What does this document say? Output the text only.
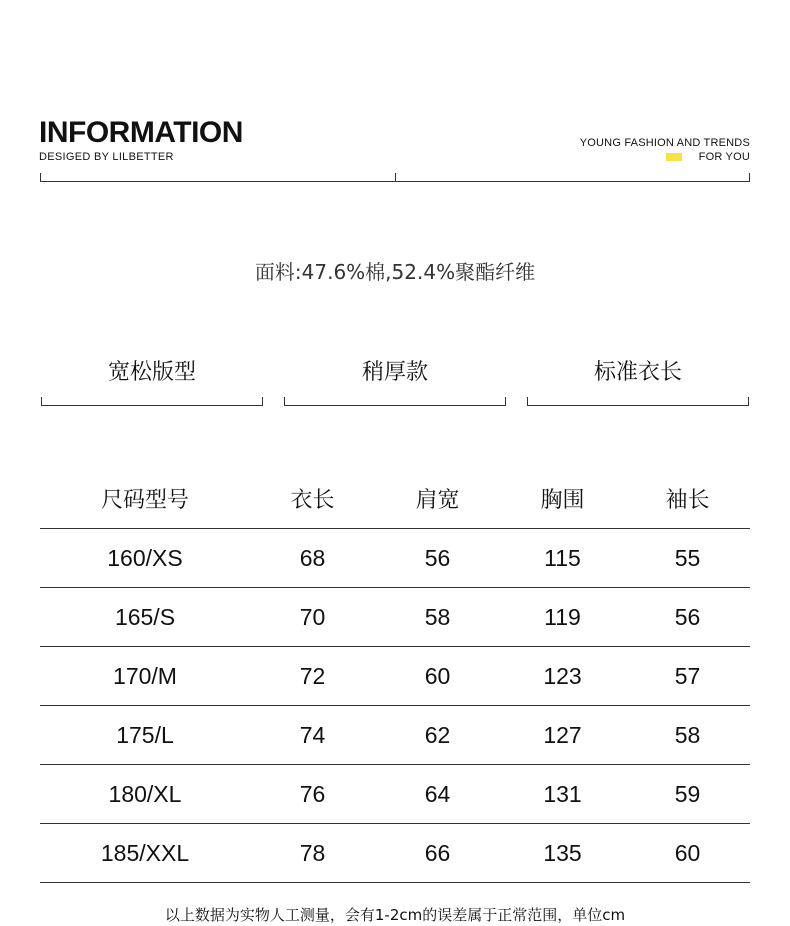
INFORMATION
DESIGED BY LILBETTER
YOUNG FASHION AND TRENDS
FOR YOU
面料:47.6%棉,52.4%聚酯纤维
宽松版型	稍厚款	标准衣长
尺码型号	衣长	肩宽	胸围	袖长
160/XS	68	56	115	55
165/S	70	58	119	56
170/M	72	60	123	57
175/L	74	62	127	58
180/XL	76	64	131	59
185/XXL	78	66	135	60
以上数据为实物人工测量，会有1-2cm的误差属于正常范围，单位cm
